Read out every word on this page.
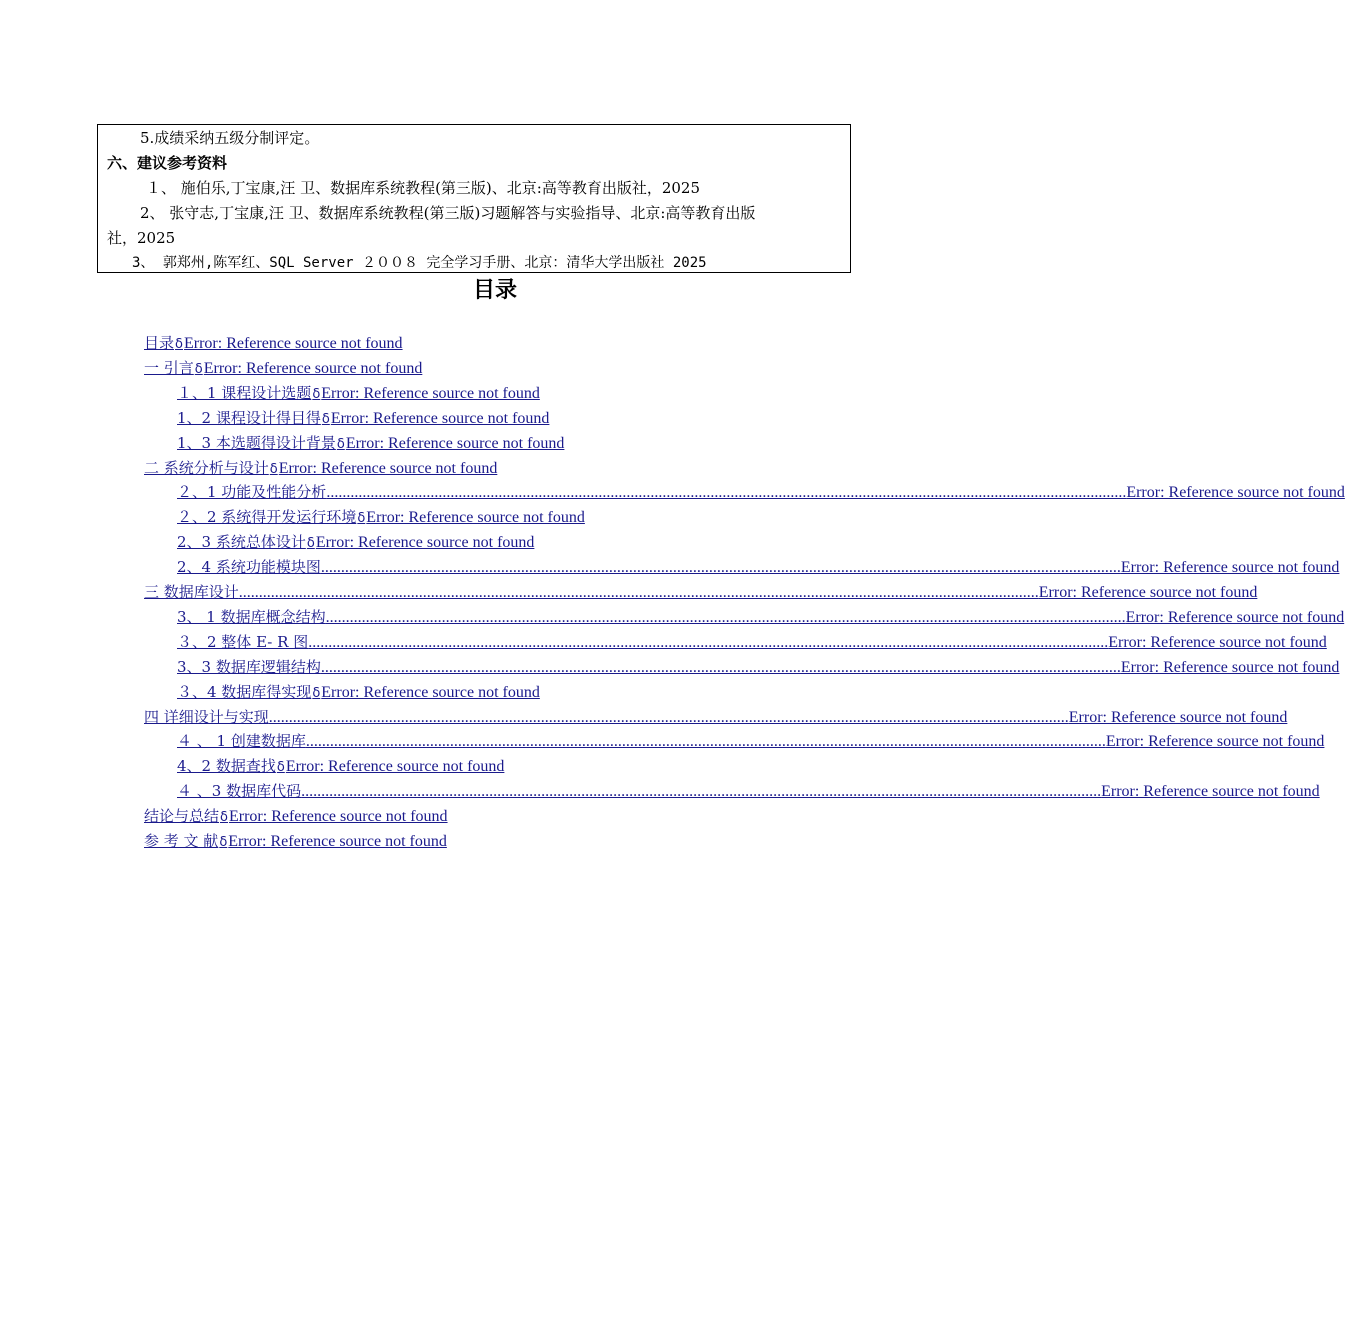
5.成绩采纳五级分制评定。
六、建议参考资料
１、 施伯乐,丁宝康,汪 卫、数据库系统教程(第三版)、北京:高等教育出版社，2025
2、 张守志,丁宝康,汪 卫、数据库系统教程(第三版)习题解答与实验指导、北京:高等教育出版
社，2025
3、 郭郑州,陈军红、SQL Server ２００８ 完全学习手册、北京：清华大学出版社 2025
目录
目录 ẟ Error: Reference source not found
一 引言 ẟ Error: Reference source not found
１、1 课程设计选题 ẟ Error: Reference source not found
1、2 课程设计得目得 ẟ Error: Reference source not found
1、3 本选题得设计背景 ẟ Error: Reference source not found
二 系统分析与设计 ẟ Error: Reference source not found
２、1 功能及性能分析 ........................................................................................................................................................................................................ Error: Reference source not found
２、2 系统得开发运行环境 ẟ Error: Reference source not found
2、3 系统总体设计 ẟ Error: Reference source not found
2、4 系统功能模块图 ........................................................................................................................................................................................................ Error: Reference source not found
三 数据库设计 ........................................................................................................................................................................................................ Error: Reference source not found
3、 1 数据库概念结构 ........................................................................................................................................................................................................ Error: Reference source not found
３、2 整体 E- R 图 ........................................................................................................................................................................................................ Error: Reference source not found
3、3 数据库逻辑结构 ........................................................................................................................................................................................................ Error: Reference source not found
３、4 数据库得实现 ẟ Error: Reference source not found
四 详细设计与实现 ........................................................................................................................................................................................................ Error: Reference source not found
４ 、 1 创建数据库 ........................................................................................................................................................................................................ Error: Reference source not found
4、2 数据查找 ẟ Error: Reference source not found
４ 、3 数据库代码 ........................................................................................................................................................................................................ Error: Reference source not found
结论与总结 ẟ Error: Reference source not found
参 考 文 献 ẟ Error: Reference source not found
